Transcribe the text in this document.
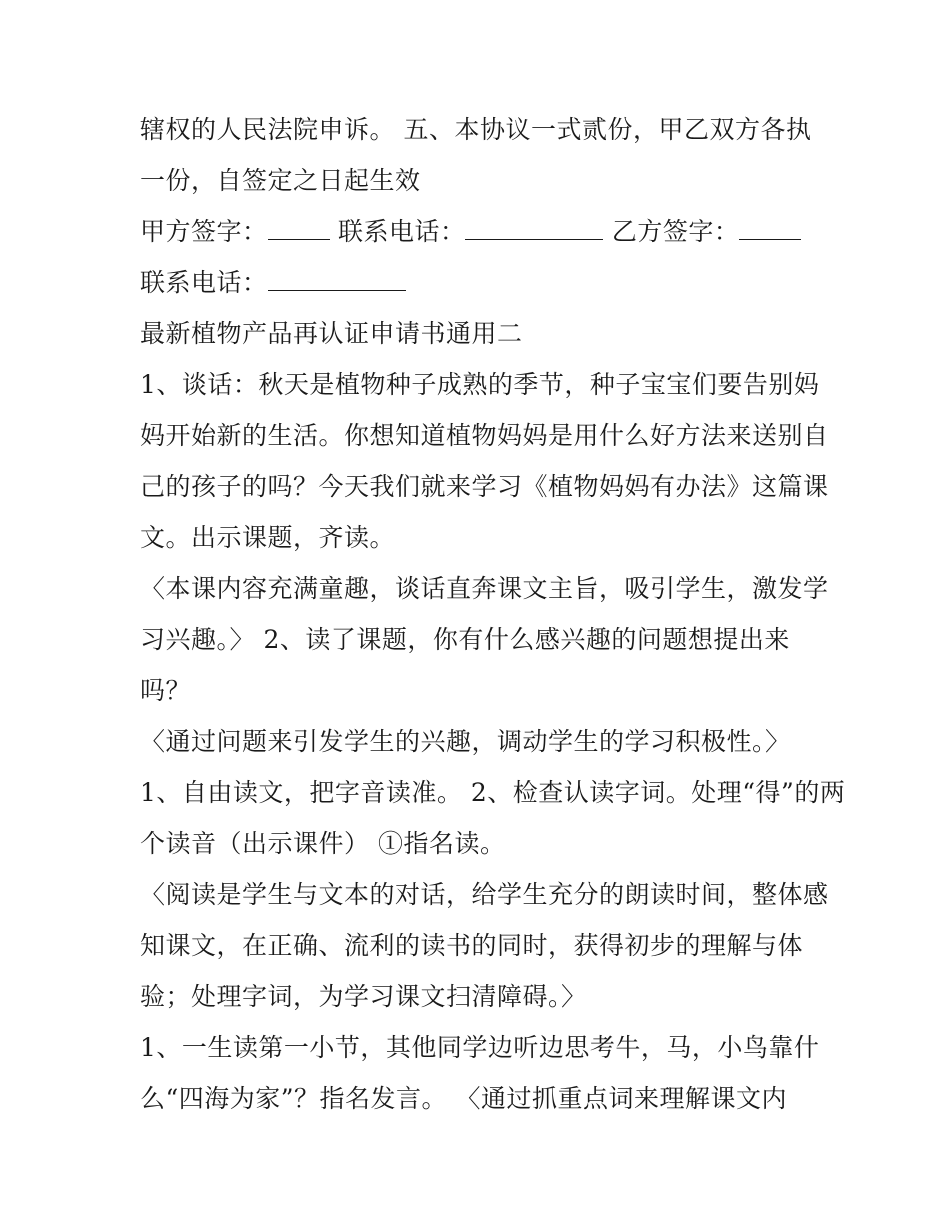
辖权的人民法院申诉。 五、本协议一式贰份，甲乙双方各执
一份，自签定之日起生效
甲方签字： 联系电话：	乙方签字：
联系电话：
最新植物产品再认证申请书通用二
1、谈话：秋天是植物种子成熟的季节，种子宝宝们要告别妈
妈开始新的生活。你想知道植物妈妈是用什么好方法来送别自
己的孩子的吗？今天我们就来学习《植物妈妈有办法》这篇课
文。出示课题，齐读。
〈本课内容充满童趣，谈话直奔课文主旨，吸引学生，激发学
习兴趣。〉 2、读了课题，你有什么感兴趣的问题想提出来
吗？
〈通过问题来引发学生的兴趣，调动学生的学习积极性。〉
1、自由读文，把字音读准。 2、检查认读字词。处理“得”的两
个读音（出示课件） ①指名读。
〈阅读是学生与文本的对话，给学生充分的朗读时间，整体感
知课文，在正确、流利的读书的同时，获得初步的理解与体
验；处理字词，为学习课文扫清障碍。〉
1、一生读第一小节，其他同学边听边思考牛，马，小鸟靠什
么“四海为家”？指名发言。 〈通过抓重点词来理解课文内
